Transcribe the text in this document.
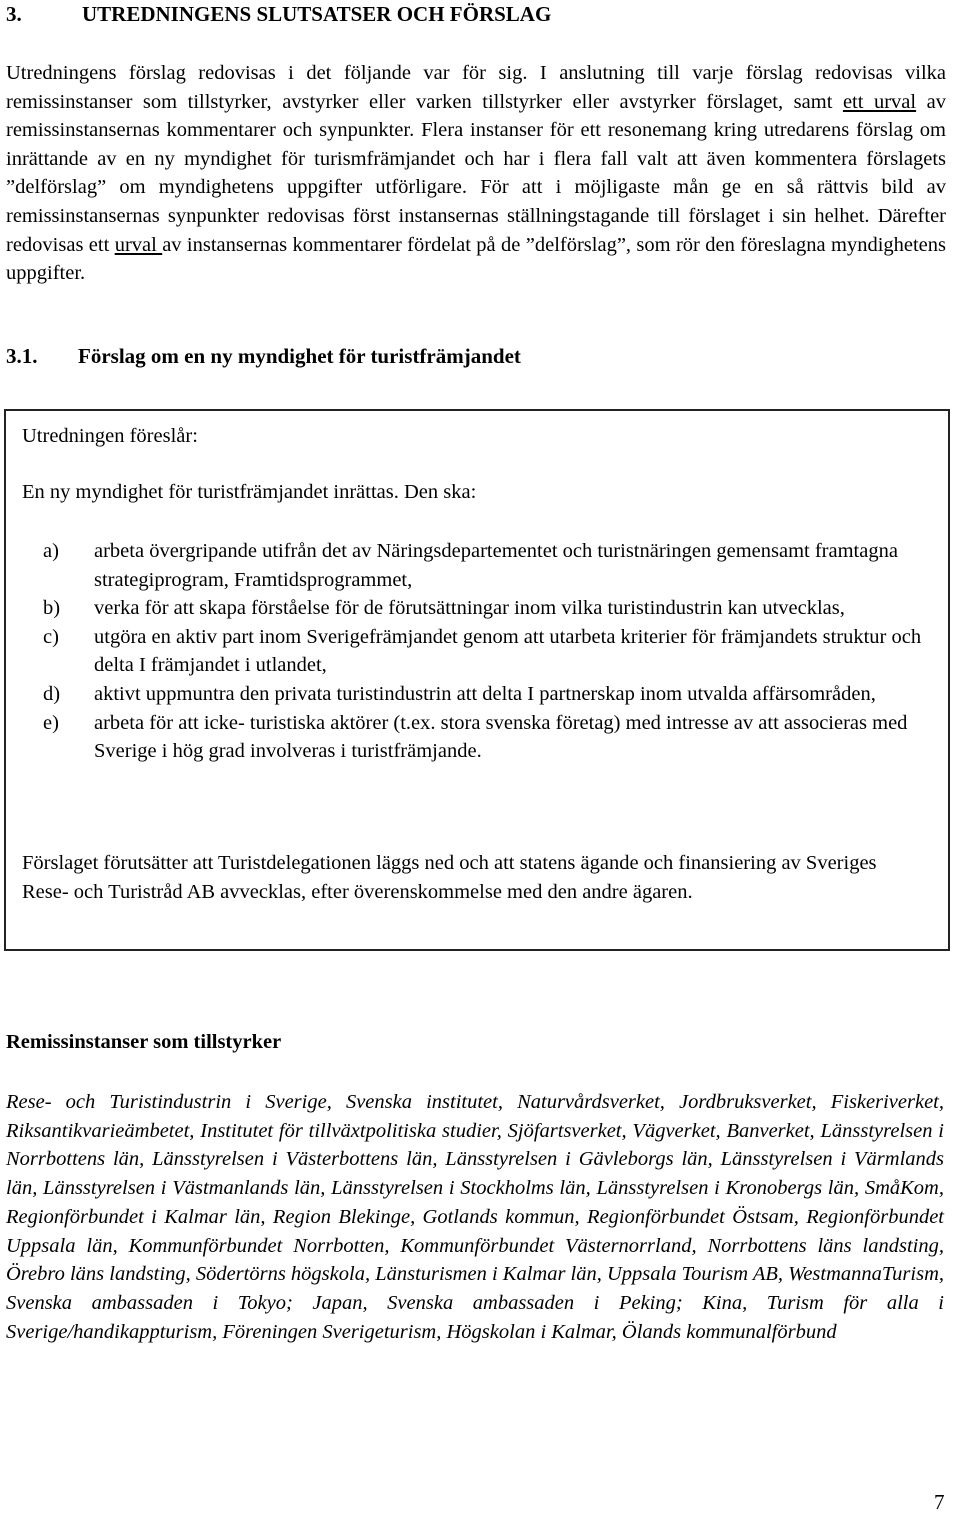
3.	UTREDNINGENS SLUTSATSER OCH FÖRSLAG
Utredningens förslag redovisas i det följande var för sig. I anslutning till varje förslag redovisas vilka remissinstanser som tillstyrker, avstyrker eller varken tillstyrker eller avstyrker förslaget, samt ett urval av remissinstansernas kommentarer och synpunkter. Flera instanser för ett resonemang kring utredarens förslag om inrättande av en ny myndighet för turismfrämjandet och har i flera fall valt att även kommentera förslagets ”delförslag” om myndighetens uppgifter utförligare. För att i möjligaste mån ge en så rättvis bild av remissinstansernas synpunkter redovisas först instansernas ställningstagande till förslaget i sin helhet. Därefter redovisas ett urval av instansernas kommentarer fördelat på de ”delförslag”, som rör den föreslagna myndighetens uppgifter.
3.1. Förslag om en ny myndighet för turistfrämjandet
Utredningen föreslår:
En ny myndighet för turistfrämjandet inrättas. Den ska:
a) arbeta övergripande utifrån det av Näringsdepartementet och turistnäringen gemensamt framtagna strategiprogram, Framtidsprogrammet,
b) verka för att skapa förståelse för de förutsättningar inom vilka turistindustrin kan utvecklas,
c) utgöra en aktiv part inom Sverigefrämjandet genom att utarbeta kriterier för främjandets struktur och delta I främjandet i utlandet,
d) aktivt uppmuntra den privata turistindustrin att delta I partnerskap inom utvalda affärsområden,
e) arbeta för att icke- turistiska aktörer (t.ex. stora svenska företag) med intresse av att associeras med Sverige i hög grad involveras i turistfrämjande.
Förslaget förutsätter att Turistdelegationen läggs ned och att statens ägande och finansiering av Sveriges Rese- och Turistråd AB avvecklas, efter överenskommelse med den andre ägaren.
Remissinstanser som tillstyrker
Rese- och Turistindustrin i Sverige, Svenska institutet, Naturvårdsverket, Jordbruksverket, Fiskeriverket, Riksantikvarieämbetet, Institutet för tillväxtpolitiska studier, Sjöfartsverket, Vägverket, Banverket, Länsstyrelsen i Norrbottens län, Länsstyrelsen i Västerbottens län, Länsstyrelsen i Gävleborgs län, Länsstyrelsen i Värmlands län, Länsstyrelsen i Västmanlands län, Länsstyrelsen i Stockholms län, Länsstyrelsen i Kronobergs län, SmåKom, Regionförbundet i Kalmar län, Region Blekinge, Gotlands kommun, Regionförbundet Östsam, Regionförbundet Uppsala län, Kommunförbundet Norrbotten, Kommunförbundet Västernorrland, Norrbottens läns landsting, Örebro läns landsting, Södertörns högskola, Länsturismen i Kalmar län, Uppsala Tourism AB, WestmannaTurism, Svenska ambassaden i Tokyo; Japan, Svenska ambassaden i Peking; Kina, Turism för alla i Sverige/handikappturism, Föreningen Sverigeturism, Högskolan i Kalmar, Ölands kommunalförbund
7
